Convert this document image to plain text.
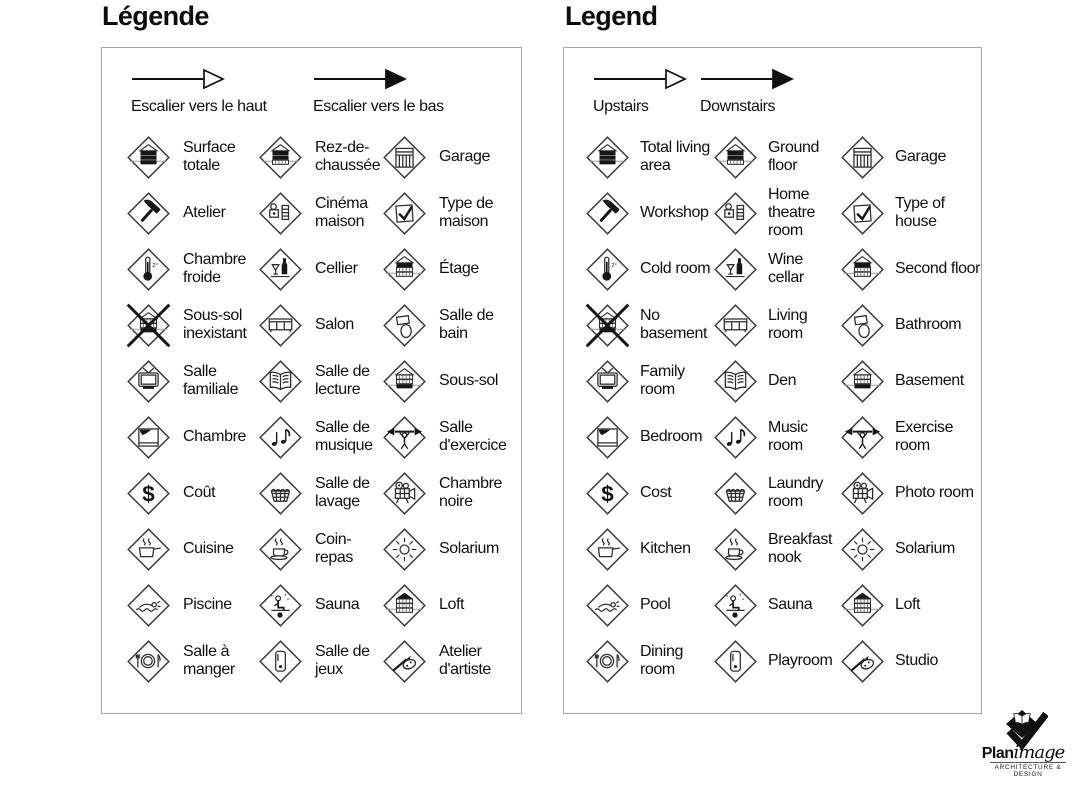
Légende	Legend
Escalier vers le haut	Escalier vers le bas
Surface totale
Rez-de-chaussée
Garage
Atelier
Cinéma maison
Type de maison
2° Chambre froide
Cellier	Étage
Sous-sol inexistant
Salon
Salle de bain
Salle familiale
Salle de lecture
Sous-sol
Chambre
Salle de musique
Salle d'exercice
$ Coût
Salle de lavage
Chambre noire
Cuisine
Coin-repas
Solarium
Piscine	Sauna	Loft
Salle à manger
Salle de jeux
Atelier d'artiste
Upstairs	Downstairs
Total living area
Ground floor
Garage
Workshop
Home theatre room
Type of house
2° Cold room
Wine cellar
Second floor
No basement
Living room
Bathroom
Family room
Den	Basement
Bedroom
Music room
Exercise room
$ Cost
Laundry room
Photo room
Kitchen
Breakfast nook
Solarium
Pool	Sauna	Loft
Dining room
Playroom	Studio
Planimage
ARCHITECTURE & DESIGN
